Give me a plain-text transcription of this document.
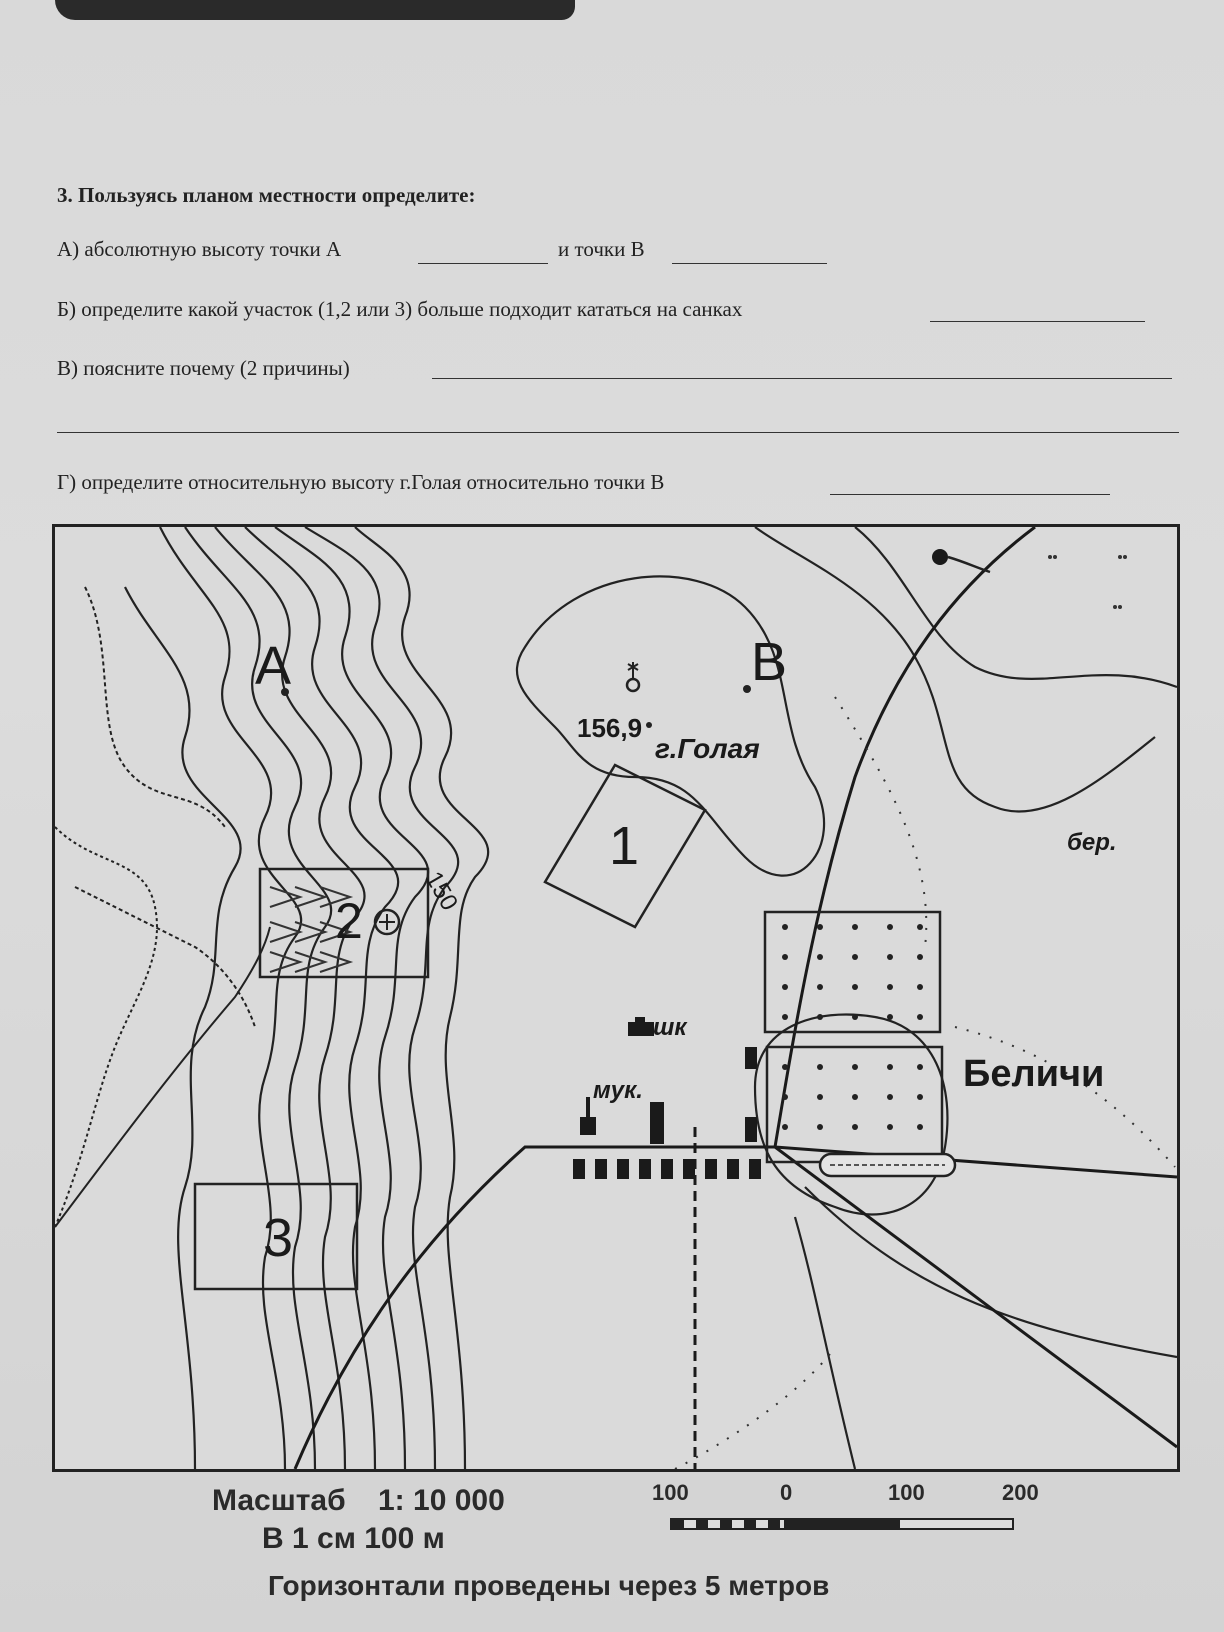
3. Пользуясь планом местности определите:
А) абсолютную высоту точки А	и точки В
Б) определите какой участок (1,2 или 3) больше подходит кататься на санках
В) поясните почему (2 причины)
Г) определите относительную высоту г.Голая относительно точки В
А	В
156,9
г.Голая
150
1
2
3
шк
мук.	Беличи
бер.
Масштаб 1: 10 000
В 1 см 100 м
100	0	100	200
Горизонтали проведены через 5 метров
